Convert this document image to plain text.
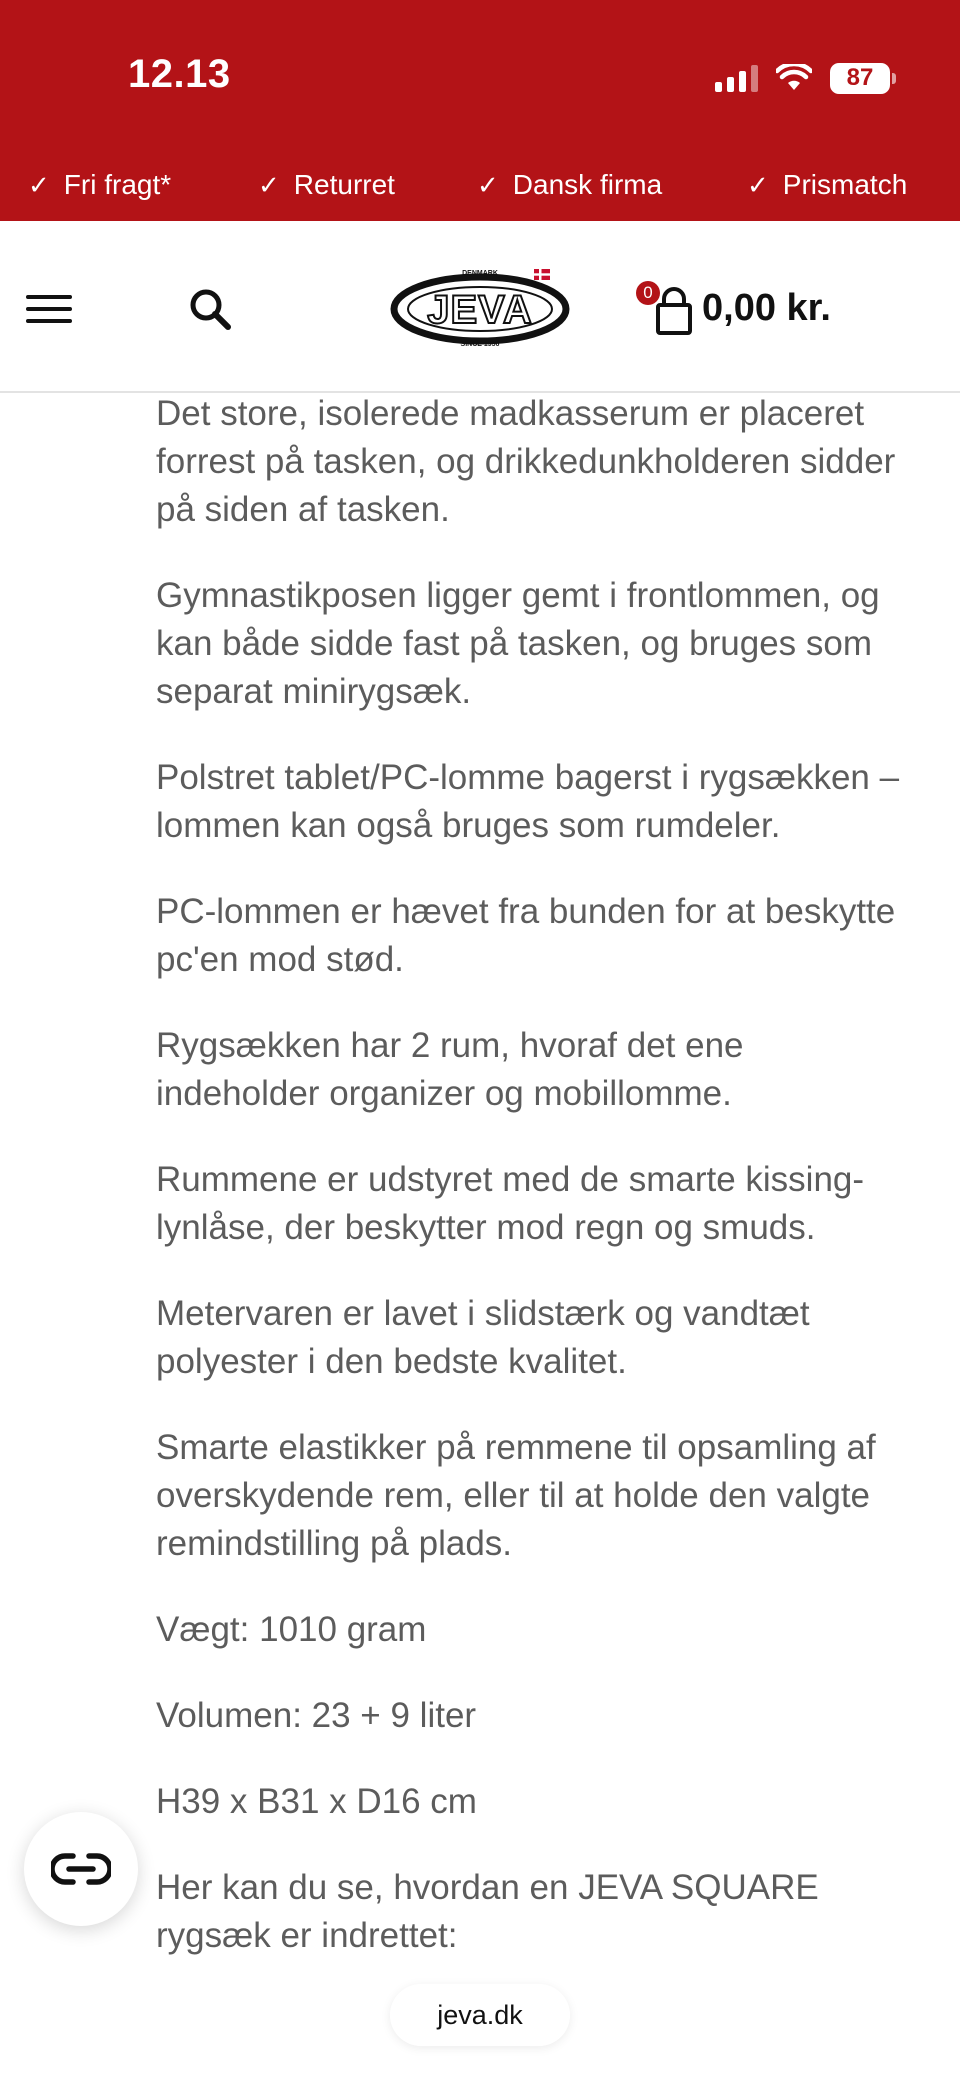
12.13	87
✓ Fri fragt*	✓ Returret	✓ Dansk firma	✓ Prismatch
JEVA
DENMARK
SINCE 1956
0 0,00 kr.

Det store, isolerede madkasserum er placeret forrest på tasken, og drikkedunkholderen sidder på siden af tasken.

Gymnastikposen ligger gemt i frontlommen, og kan både sidde fast på tasken, og bruges som separat minirygsæk.

Polstret tablet/PC-lomme bagerst i rygsækken – lommen kan også bruges som rumdeler.

PC-lommen er hævet fra bunden for at beskytte pc'en mod stød.

Rygsækken har 2 rum, hvoraf det ene indeholder organizer og mobillomme.

Rummene er udstyret med de smarte kissing-lynlåse, der beskytter mod regn og smuds.

Metervaren er lavet i slidstærk og vandtæt polyester i den bedste kvalitet.

Smarte elastikker på remmene til opsamling af overskydende rem, eller til at holde den valgte remindstilling på plads.

Vægt: 1010 gram

Volumen: 23 + 9 liter

H39 x B31 x D16 cm

Her kan du se, hvordan en JEVA SQUARE rygsæk er indrettet:

jeva.dk
